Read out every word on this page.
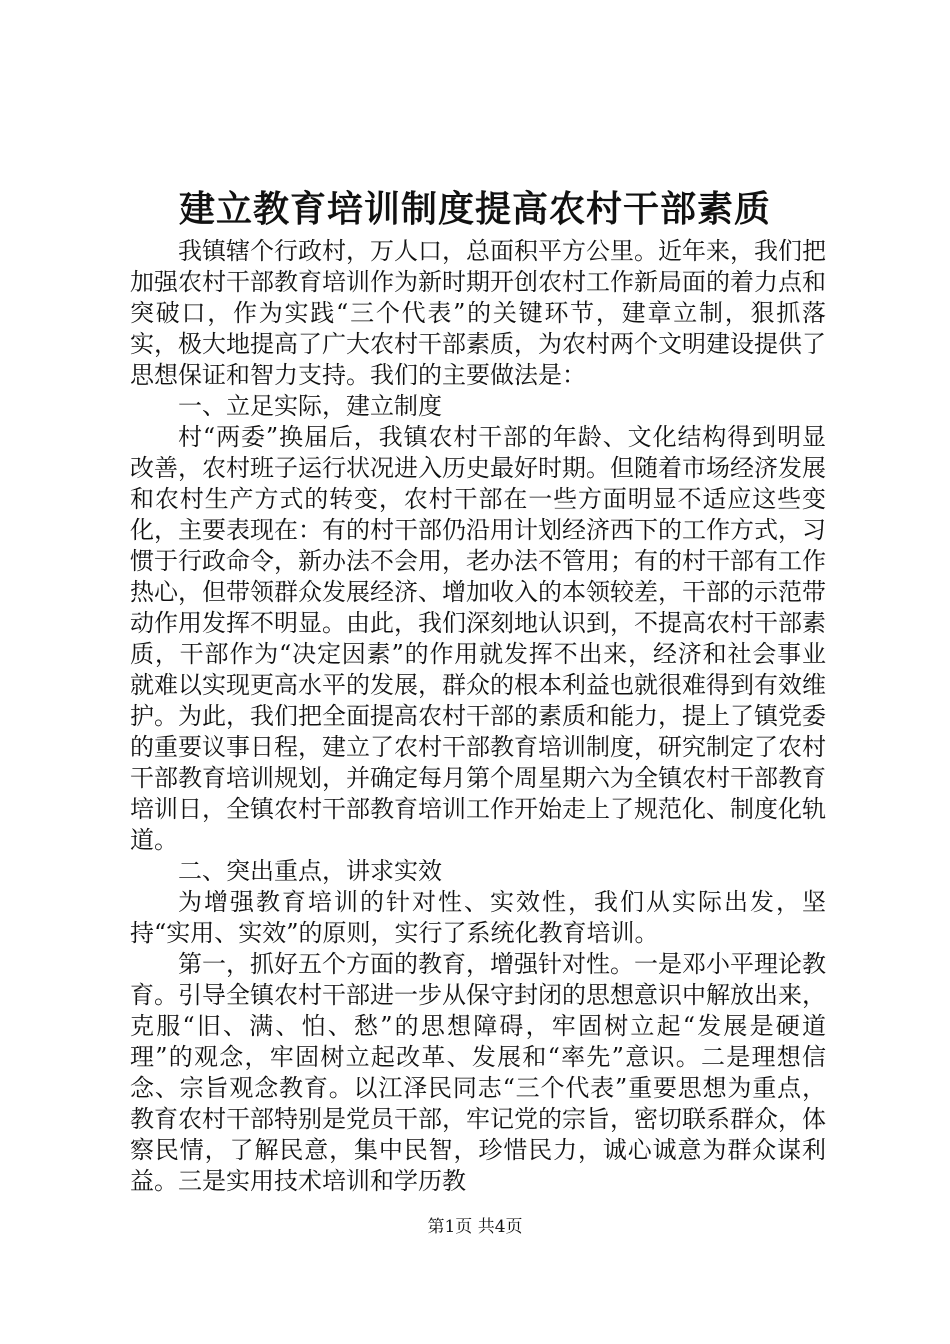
建立教育培训制度提高农村干部素质

我镇辖个行政村，万人口，总面积平方公里。近年来，我们把加强农村干部教育培训作为新时期开创农村工作新局面的着力点和突破口，作为实践“三个代表”的关键环节，建章立制，狠抓落实，极大地提高了广大农村干部素质，为农村两个文明建设提供了思想保证和智力支持。我们的主要做法是：

一、立足实际，建立制度

村“两委”换届后，我镇农村干部的年龄、文化结构得到明显改善，农村班子运行状况进入历史最好时期。但随着市场经济发展和农村生产方式的转变，农村干部在一些方面明显不适应这些变化，主要表现在：有的村干部仍沿用计划经济西下的工作方式，习惯于行政命令，新办法不会用，老办法不管用；有的村干部有工作热心，但带领群众发展经济、增加收入的本领较差，干部的示范带动作用发挥不明显。由此，我们深刻地认识到，不提高农村干部素质，干部作为“决定因素”的作用就发挥不出来，经济和社会事业就难以实现更高水平的发展，群众的根本利益也就很难得到有效维护。为此，我们把全面提高农村干部的素质和能力，提上了镇党委的重要议事日程，建立了农村干部教育培训制度，研究制定了农村干部教育培训规划，并确定每月第个周星期六为全镇农村干部教育培训日，全镇农村干部教育培训工作开始走上了规范化、制度化轨道。

二、突出重点，讲求实效

为增强教育培训的针对性、实效性，我们从实际出发，坚持“实用、实效”的原则，实行了系统化教育培训。

第一，抓好五个方面的教育，增强针对性。一是邓小平理论教育。引导全镇农村干部进一步从保守封闭的思想意识中解放出来，克服“旧、满、怕、愁”的思想障碍，牢固树立起“发展是硬道理”的观念，牢固树立起改革、发展和“率先”意识。二是理想信念、宗旨观念教育。以江泽民同志“三个代表”重要思想为重点，教育农村干部特别是党员干部，牢记党的宗旨，密切联系群众，体察民情，了解民意，集中民智，珍惜民力，诚心诚意为群众谋利益。三是实用技术培训和学历教

第1页 共4页
